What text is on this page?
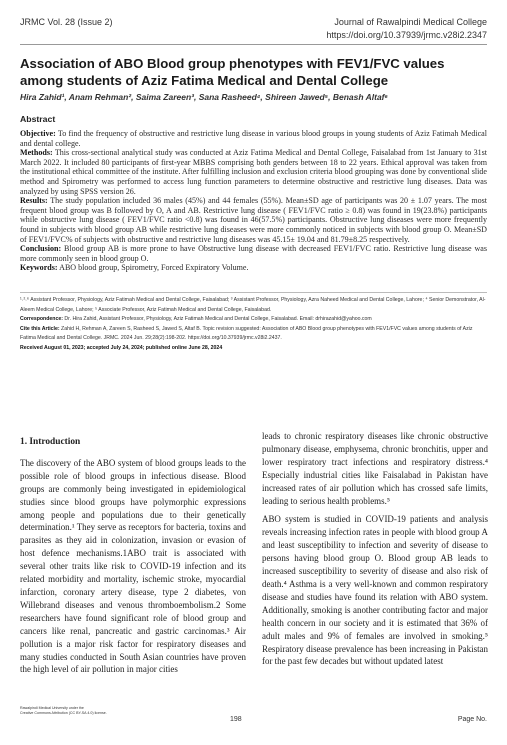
JRMC Vol. 28 (Issue 2)	Journal of Rawalpindi Medical College
https://doi.org/10.37939/jrmc.v28i2.2347
Association of ABO Blood group phenotypes with FEV1/FVC values among students of Aziz Fatima Medical and Dental College
Hira Zahid¹, Anam Rehman², Saima Zareen³, Sana Rasheed⁴, Shireen Jawed⁵, Benash Altaf⁶
Abstract

Objective: To find the frequency of obstructive and restrictive lung disease in various blood groups in young students of Aziz Fatimah Medical and dental college.

Methods: This cross-sectional analytical study was conducted at Aziz Fatima Medical and Dental College, Faisalabad from 1st January to 31st March 2022. It included 80 participants of first-year MBBS comprising both genders between 18 to 22 years. Ethical approval was taken from the institutional ethical committee of the institute. After fulfilling inclusion and exclusion criteria blood grouping was done by conventional slide method and Spirometry was performed to access lung function parameters to determine obstructive and restrictive lung diseases. Data was analyzed by using SPSS version 26.

Results: The study population included 36 males (45%) and 44 females (55%). Mean±SD age of participants was 20 ± 1.07 years. The most frequent blood group was B followed by O, A and AB. Restrictive lung disease ( FEV1/FVC ratio ≥ 0.8) was found in 19(23.8%) participants while obstructive lung disease ( FEV1/FVC ratio <0.8) was found in 46(57.5%) participants. Obstructive lung diseases were more frequently found in subjects with blood group AB while restrictive lung diseases were more commonly noticed in subjects with blood group O. Mean±SD of FEV1/FVC% of subjects with obstructive and restrictive lung diseases was 45.15± 19.04 and 81.79±8.25 respectively.

Conclusion: Blood group AB is more prone to have Obstructive lung disease with decreased FEV1/FVC ratio. Restrictive lung disease was more commonly seen in blood group O.

Keywords: ABO blood group, Spirometry, Forced Expiratory Volume.

¹˒²˒⁶ Assistant Professor, Physiology, Aziz Fatimah Medical and Dental College, Faisalabad; ³ Assistant Professor, Physiology, Azra Naheed Medical and Dental College, Lahore; ⁴ Senior Demonstrator, Al-Aleem Medical College, Lahore; ⁵ Associate Professor, Aziz Fatimah Medical and Dental College, Faisalabad.
Correspondence: Dr. Hira Zahid, Assistant Professor, Physiology, Aziz Fatimah Medical and Dental College, Faisalabad. Email: drhirazahid@yahoo.com
Cite this Article: Zahid H, Rehman A, Zareen S, Rasheed S, Jawed S, Altaf B. Topic revision suggested: Association of ABO Blood group phenotypes with FEV1/FVC values among students of Aziz Fatima Medical and Dental College. JRMC. 2024 Jun. 29;28(2):198-202. https://doi.org/10.37939/jrmc.v28i2.2437.
Received August 01, 2023; accepted July 24, 2024; published online June 28, 2024
1. Introduction

The discovery of the ABO system of blood groups leads to the possible role of blood groups in infectious disease. Blood groups are commonly being investigated in epidemiological studies since blood groups have polymorphic expressions among people and populations due to their genetically determination.¹ They serve as receptors for bacteria, toxins and parasites as they aid in colonization, invasion or evasion of host defence mechanisms.1ABO trait is associated with several other traits like risk to COVID-19 infection and its related morbidity and mortality, ischemic stroke, myocardial infarction, coronary artery disease, type 2 diabetes, von Willebrand diseases and venous thromboembolism.2 Some researchers have found significant role of blood group and cancers like renal, pancreatic and gastric carcinomas.³ Air pollution is a major risk factor for respiratory diseases and many studies conducted in South Asian countries have proven the high level of air pollution in major cities

leads to chronic respiratory diseases like chronic obstructive pulmonary disease, emphysema, chronic bronchitis, upper and lower respiratory tract infections and respiratory distress.⁴ Especially industrial cities like Faisalabad in Pakistan have increased rates of air pollution which has crossed safe limits, leading to serious health problems.⁵

ABO system is studied in COVID-19 patients and analysis reveals increasing infection rates in people with blood group A and least susceptibility to infection and severity of disease to persons having blood group O. Blood group AB leads to increased susceptibility to severity of disease and also risk of death.⁴ Asthma is a very well-known and common respiratory disease and studies have found its relation with ABO system. Additionally, smoking is another contributing factor and major health concern in our society and it is estimated that 36% of adult males and 9% of females are involved in smoking.⁵ Respiratory disease prevalence has been increasing in Pakistan for the past few decades but without updated latest

Rawalpindi Medical University under the
Creative Commons Attribution (CC BY-SA 4.0) license.
198	Page No.
